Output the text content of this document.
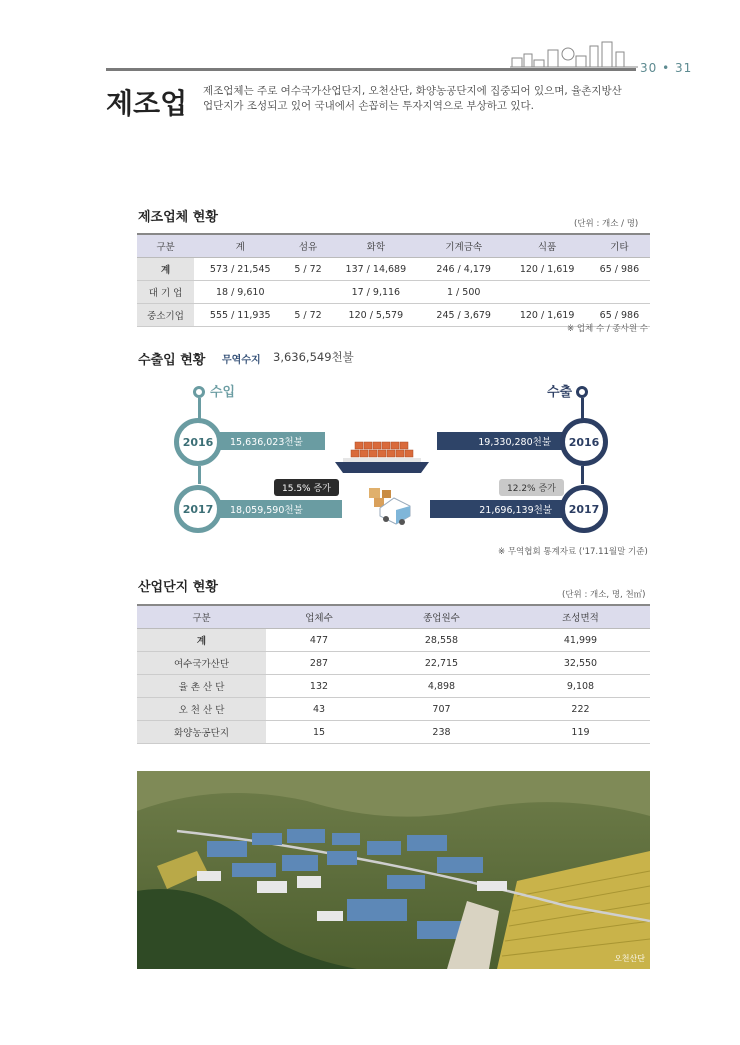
30 • 31
제조업 제조업체는 주로 여수국가산업단지, 오천산단, 화양농공단지에 집중되어 있으며, 율촌지방산업단지가 조성되고 있어 국내에서 손꼽히는 투자지역으로 부상하고 있다.
제조업체 현황	(단위 : 개소 / 명)
구분	계	섬유	화학	기계금속	식품	기타
계	573 / 21,545	5 / 72	137 / 14,689	246 / 4,179	120 / 1,619	65 / 986
대 기 업	18 / 9,610		17 / 9,116	1 / 500		
중소기업	555 / 11,935	5 / 72	120 / 5,579	245 / 3,679	120 / 1,619	65 / 986
※ 업체 수 / 종사원 수
수출입 현황 무역수지 3,636,549천불
수입
15,636,023천불
2016
18,059,590천불
2017
15.5% 증가
수출
19,330,280천불 2016
21,696,139천불 2017
12.2% 증가
※ 무역협회 통계자료 ('17.11월말 기준)
산업단지 현황	(단위 : 개소, 명, 천㎡)
구분	업체수	종업원수	조성면적
계	477	28,558	41,999
여수국가산단	287	22,715	32,550
율 촌 산 단	132	4,898	9,108
오 천 산 단	43	707	222
화양농공단지	15	238	119
오천산단
